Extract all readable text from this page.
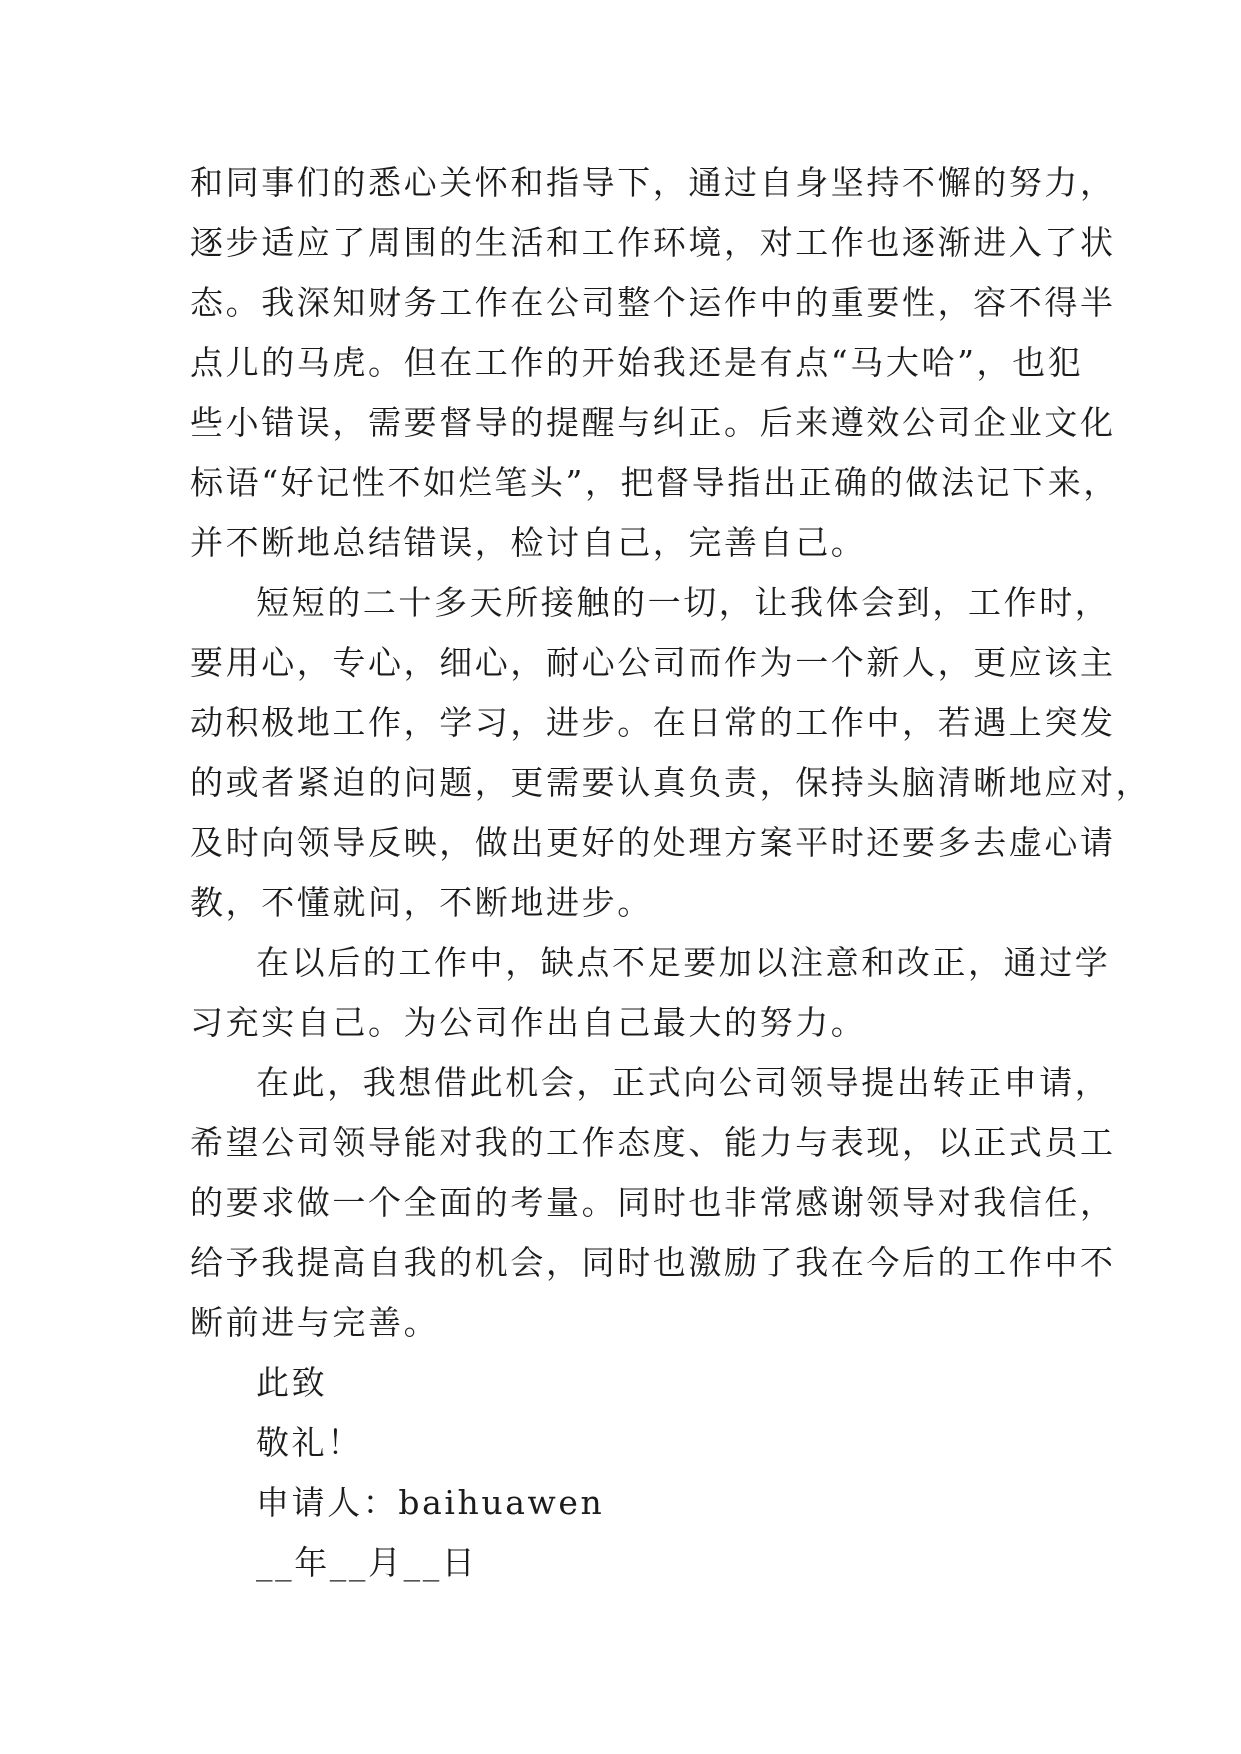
和同事们的悉心关怀和指导下，通过自身坚持不懈的努力，

逐步适应了周围的生活和工作环境，对工作也逐渐进入了状

态。我深知财务工作在公司整个运作中的重要性，容不得半

点儿的马虎。但在工作的开始我还是有点“马大哈”，也犯

些小错误，需要督导的提醒与纠正。后来遵效公司企业文化

标语“好记性不如烂笔头”，把督导指出正确的做法记下来，

并不断地总结错误，检讨自己，完善自己。

短短的二十多天所接触的一切，让我体会到，工作时，

要用心，专心，细心，耐心公司而作为一个新人，更应该主

动积极地工作，学习，进步。在日常的工作中，若遇上突发

的或者紧迫的问题，更需要认真负责，保持头脑清晰地应对，

及时向领导反映，做出更好的处理方案平时还要多去虚心请

教，不懂就问，不断地进步。

在以后的工作中，缺点不足要加以注意和改正，通过学

习充实自己。为公司作出自己最大的努力。

在此，我想借此机会，正式向公司领导提出转正申请，

希望公司领导能对我的工作态度、能力与表现，以正式员工

的要求做一个全面的考量。同时也非常感谢领导对我信任，

给予我提高自我的机会，同时也激励了我在今后的工作中不

断前进与完善。

此致

敬礼！

申请人：baihuawen

__年__月__日
